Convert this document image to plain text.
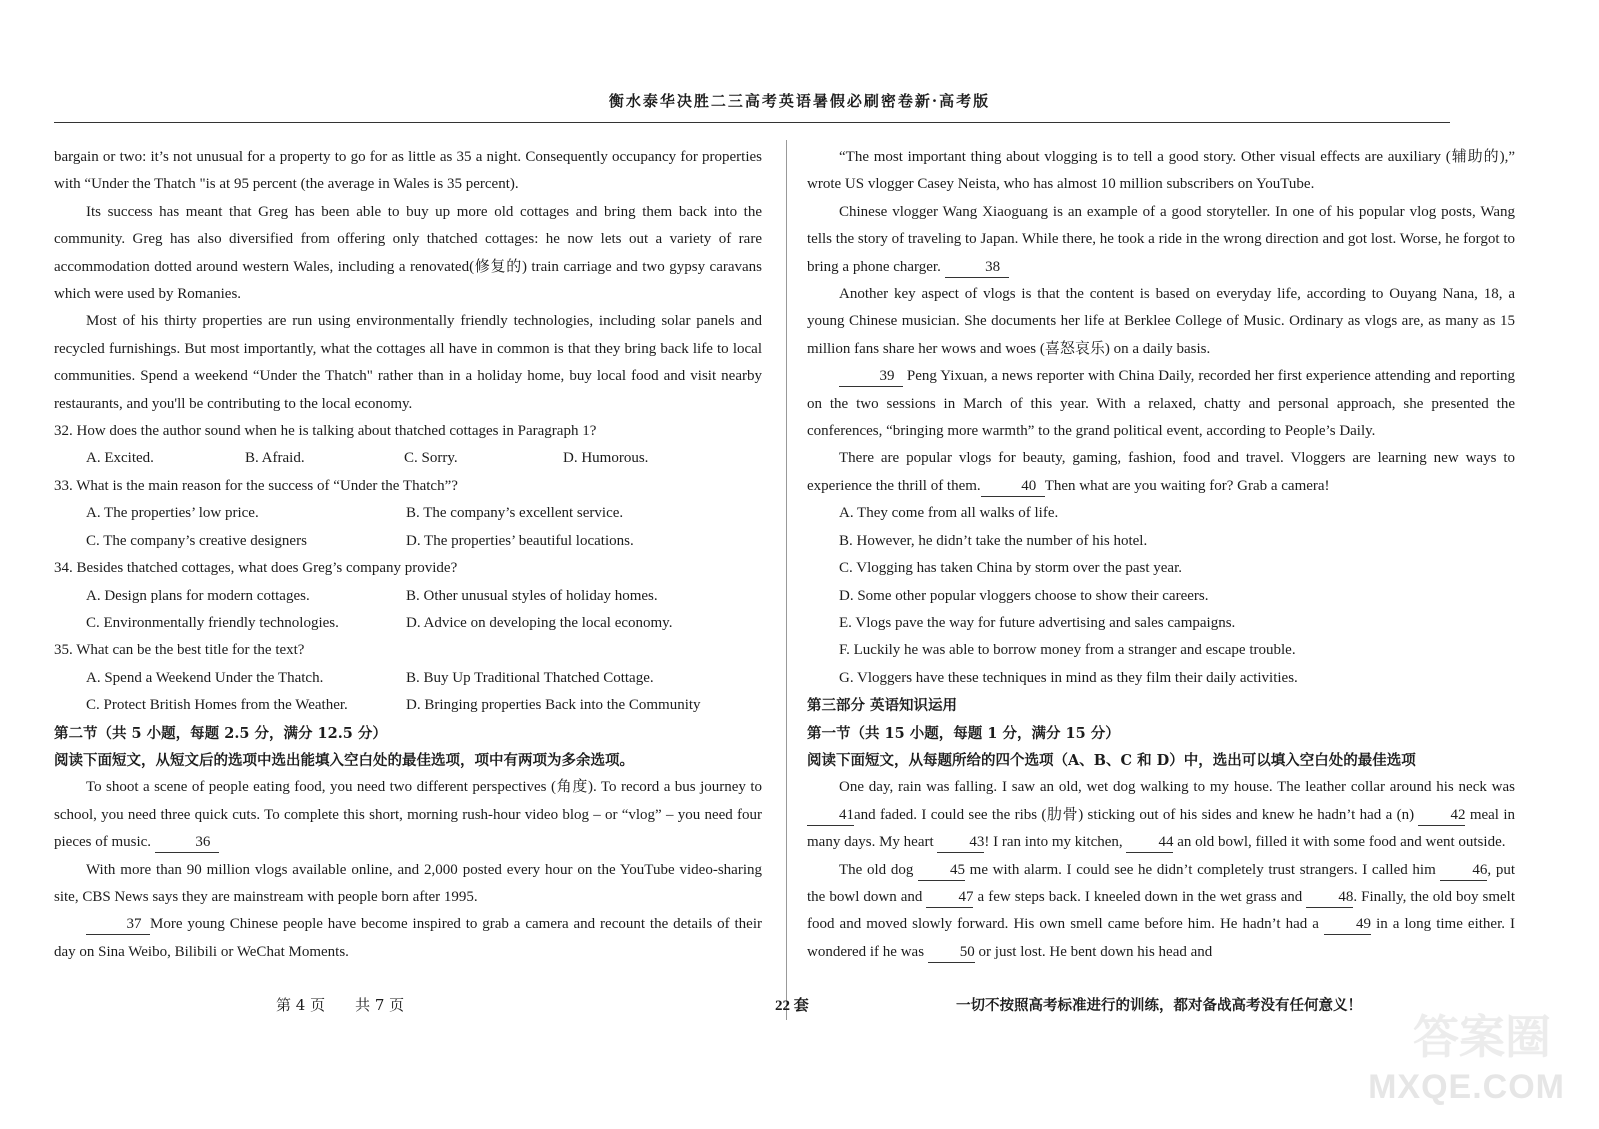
衡水泰华决胜二三高考英语暑假必刷密卷新·高考版

bargain or two: it’s not unusual for a property to go for as little as 35 a night. Consequently occupancy for properties with “Under the Thatch "is at 95 percent (the average in Wales is 35 percent).

Its success has meant that Greg has been able to buy up more old cottages and bring them back into the community. Greg has also diversified from offering only thatched cottages: he now lets out a variety of rare accommodation dotted around western Wales, including a renovated(修复的) train carriage and two gypsy caravans which were used by Romanies.

Most of his thirty properties are run using environmentally friendly technologies, including solar panels and recycled furnishings. But most importantly, what the cottages all have in common is that they bring back life to local communities. Spend a weekend “Under the Thatch" rather than in a holiday home, buy local food and visit nearby restaurants, and you'll be contributing to the local economy.

32. How does the author sound when he is talking about thatched cottages in Paragraph 1?

A. Excited.	B. Afraid.	C. Sorry.	D. Humorous.

33. What is the main reason for the success of “Under the Thatch”?

A. The properties’ low price.	B. The company’s excellent service.
C. The company’s creative designers	D. The properties’ beautiful locations.

34. Besides thatched cottages, what does Greg’s company provide?

A. Design plans for modern cottages.	B. Other unusual styles of holiday homes.
C. Environmentally friendly technologies.	D. Advice on developing the local economy.

35. What can be the best title for the text?

A. Spend a Weekend Under the Thatch.	B. Buy Up Traditional Thatched Cottage.
C. Protect British Homes from the Weather.	D. Bringing properties Back into the Community

第二节（共 5 小题，每题 2.5 分，满分 12.5 分）

阅读下面短文，从短文后的选项中选出能填入空白处的最佳选项，项中有两项为多余选项。

To shoot a scene of people eating food, you need two different perspectives (角度). To record a bus journey to school, you need three quick cuts. To complete this short, morning rush-hour video blog – or “vlog” – you need four pieces of music.	36

With more than 90 million vlogs available online, and 2,000 posted every hour on the YouTube video-sharing site, CBS News says they are mainstream with people born after 1995.

37 More young Chinese people have become inspired to grab a camera and recount the details of their day on Sina Weibo, Bilibili or WeChat Moments.

“The most important thing about vlogging is to tell a good story. Other visual effects are auxiliary (辅助的),” wrote US vlogger Casey Neista, who has almost 10 million subscribers on YouTube.

Chinese vlogger Wang Xiaoguang is an example of a good storyteller. In one of his popular vlog posts, Wang tells the story of traveling to Japan. While there, he took a ride in the wrong direction and got lost. Worse, he forgot to bring a phone charger.	38

Another key aspect of vlogs is that the content is based on everyday life, according to Ouyang Nana, 18, a young Chinese musician. She documents her life at Berklee College of Music. Ordinary as vlogs are, as many as 15 million fans share her wows and woes (喜怒哀乐) on a daily basis.

39 Peng Yixuan, a news reporter with China Daily, recorded her first experience attending and reporting on the two sessions in March of this year. With a relaxed, chatty and personal approach, she presented the conferences, “bringing more warmth” to the grand political event, according to People’s Daily.

There are popular vlogs for beauty, gaming, fashion, food and travel. Vloggers are learning new ways to experience the thrill of them.	40 Then what are you waiting for? Grab a camera!

A. They come from all walks of life.

B. However, he didn’t take the number of his hotel.

C. Vlogging has taken China by storm over the past year.

D. Some other popular vloggers choose to show their careers.

E. Vlogs pave the way for future advertising and sales campaigns.

F. Luckily he was able to borrow money from a stranger and escape trouble.

G. Vloggers have these techniques in mind as they film their daily activities.

第三部分 英语知识运用

第一节（共 15 小题，每题 1 分，满分 15 分）

阅读下面短文，从每题所给的四个选项（A、B、C 和 D）中，选出可以填入空白处的最佳选项

One day, rain was falling. I saw an old, wet dog walking to my house. The leather collar around his neck was 41and faded. I could see the ribs (肋骨) sticking out of his sides and knew he hadn’t had a (n) 42 meal in many days. My heart 43! I ran into my kitchen, 44 an old bowl, filled it with some food and went outside.

The old dog 45 me with alarm. I could see he didn’t completely trust strangers. I called him 46, put the bowl down and 47 a few steps back. I kneeled down in the wet grass and 48. Finally, the old boy smelt food and moved slowly forward. His own smell came before him. He hadn’t had a 49 in a long time either. I wondered if he was 50 or just lost. He bent down his head and

第 4 页　　共 7 页	22 套	一切不按照高考标准进行的训练，都对备战高考没有任何意义！
答案圈
MXQE.COM
